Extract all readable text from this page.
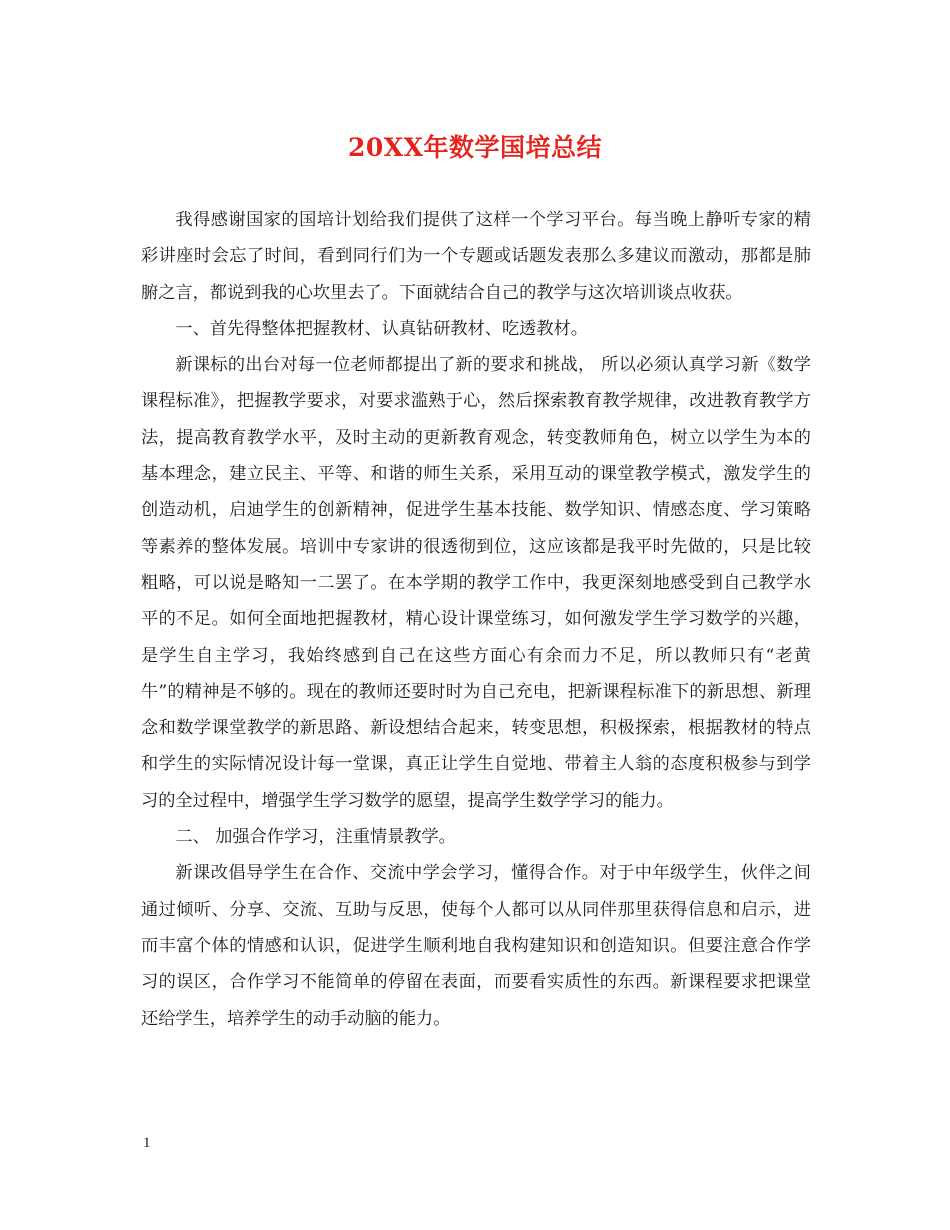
20XX年数学国培总结

我得感谢国家的国培计划给我们提供了这样一个学习平台。每当晚上静听专家的精彩讲座时会忘了时间，看到同行们为一个专题或话题发表那么多建议而激动，那都是肺腑之言，都说到我的心坎里去了。下面就结合自己的教学与这次培训谈点收获。

一、首先得整体把握教材、认真钻研教材、吃透教材。

新课标的出台对每一位老师都提出了新的要求和挑战， 所以必须认真学习新《数学课程标准》，把握教学要求，对要求滥熟于心，然后探索教育教学规律，改进教育教学方法，提高教育教学水平，及时主动的更新教育观念，转变教师角色，树立以学生为本的基本理念，建立民主、平等、和谐的师生关系，采用互动的课堂教学模式，激发学生的创造动机，启迪学生的创新精神，促进学生基本技能、数学知识、情感态度、学习策略等素养的整体发展。培训中专家讲的很透彻到位，这应该都是我平时先做的，只是比较粗略，可以说是略知一二罢了。在本学期的教学工作中，我更深刻地感受到自己教学水平的不足。如何全面地把握教材，精心设计课堂练习，如何激发学生学习数学的兴趣，是学生自主学习，我始终感到自己在这些方面心有余而力不足，所以教师只有“老黄牛”的精神是不够的。现在的教师还要时时为自己充电，把新课程标准下的新思想、新理念和数学课堂教学的新思路、新设想结合起来，转变思想，积极探索，根据教材的特点和学生的实际情况设计每一堂课，真正让学生自觉地、带着主人翁的态度积极参与到学习的全过程中，增强学生学习数学的愿望，提高学生数学学习的能力。

二、 加强合作学习，注重情景教学。

新课改倡导学生在合作、交流中学会学习，懂得合作。对于中年级学生，伙伴之间通过倾听、分享、交流、互助与反思，使每个人都可以从同伴那里获得信息和启示，进而丰富个体的情感和认识，促进学生顺利地自我构建知识和创造知识。但要注意合作学习的误区，合作学习不能简单的停留在表面，而要看实质性的东西。新课程要求把课堂还给学生，培养学生的动手动脑的能力。

1
